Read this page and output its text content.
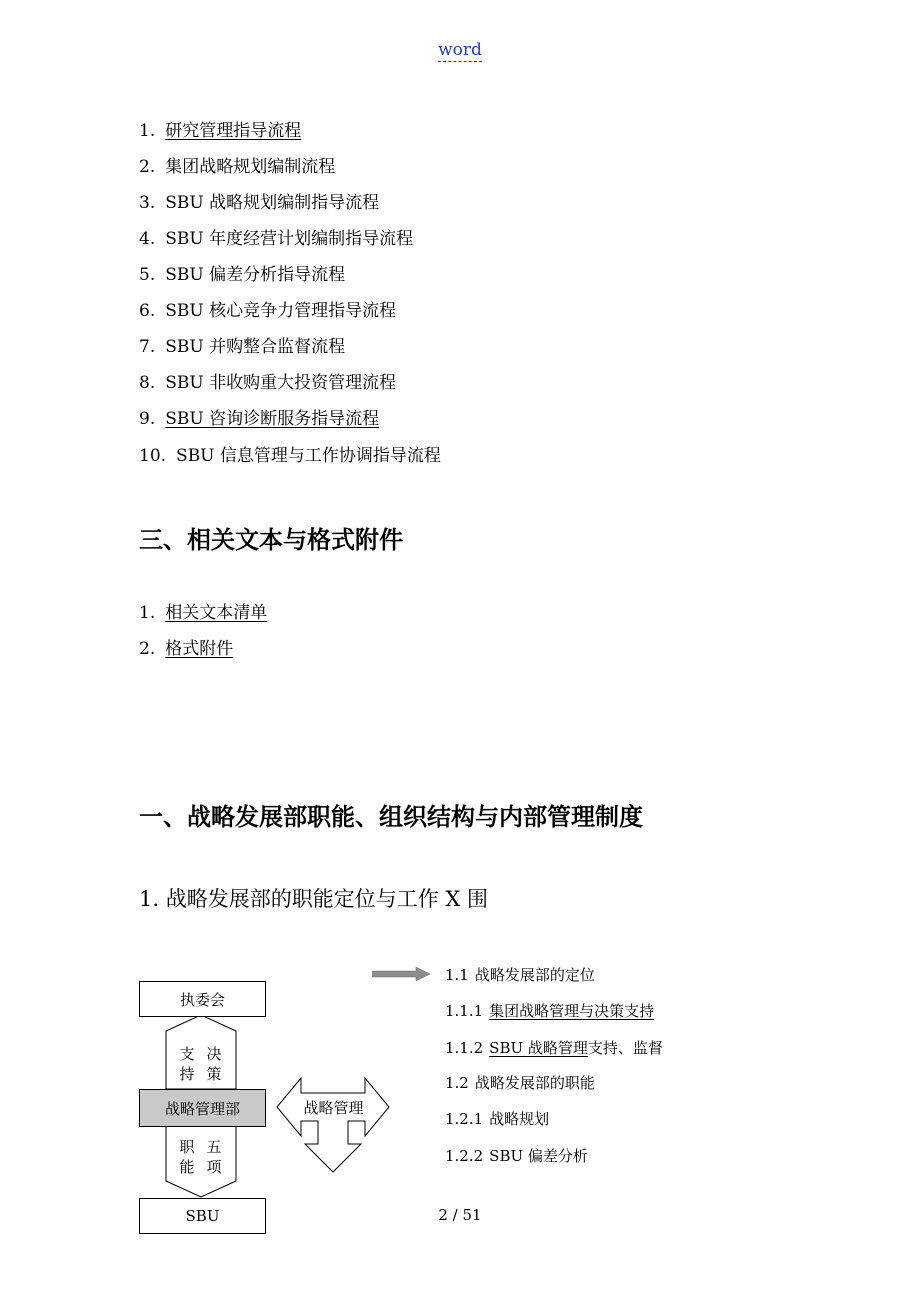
word
1. 研究管理指导流程
2. 集团战略规划编制流程
3. SBU 战略规划编制指导流程
4. SBU 年度经营计划编制指导流程
5. SBU 偏差分析指导流程
6. SBU 核心竞争力管理指导流程
7. SBU 并购整合监督流程
8. SBU 非收购重大投资管理流程
9. SBU 咨询诊断服务指导流程
10. SBU 信息管理与工作协调指导流程
三、相关文本与格式附件
1. 相关文本清单
2. 格式附件
一、战略发展部职能、组织结构与内部管理制度
1. 战略发展部的职能定位与工作 X 围
执委会
支
持
决
策
战略管理部
职
能
五
项
SBU
战略管理
1.1 战略发展部的定位
1.1.1 集团战略管理与决策支持
1.1.2 SBU 战略管理支持、监督
1.2 战略发展部的职能
1.2.1 战略规划
1.2.2 SBU 偏差分析
2 / 51
